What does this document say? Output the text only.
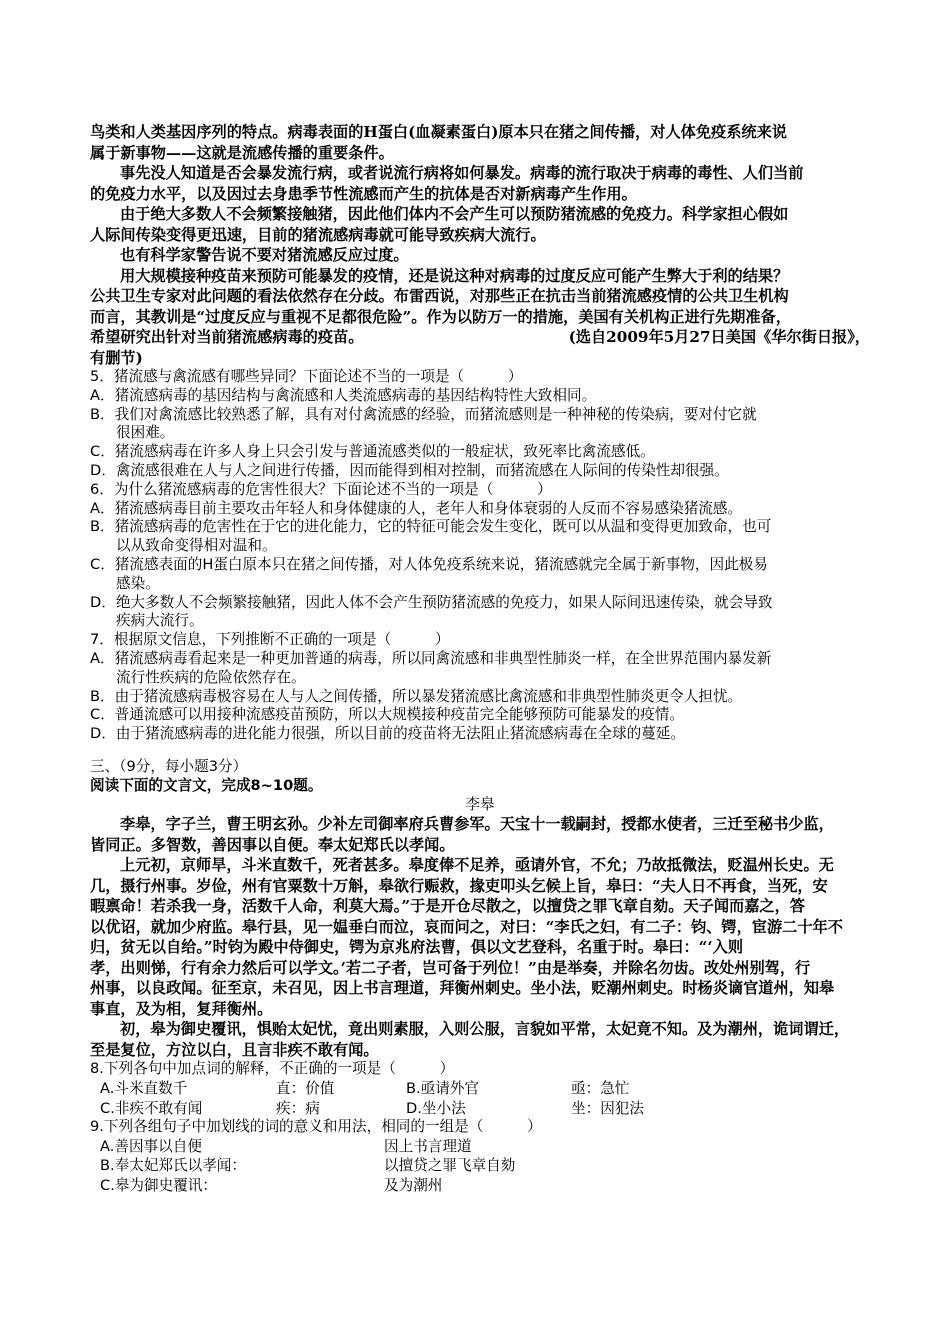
鸟类和人类基因序列的特点。病毒表面的H蛋白(血凝素蛋白)原本只在猪之间传播，对人体免疫系统来说
属于新事物——这就是流感传播的重要条件。
事先没人知道是否会暴发流行病，或者说流行病将如何暴发。病毒的流行取决于病毒的毒性、人们当前
的免疫力水平，以及因过去身患季节性流感而产生的抗体是否对新病毒产生作用。
由于绝大多数人不会频繁接触猪，因此他们体内不会产生可以预防猪流感的免疫力。科学家担心假如
人际间传染变得更迅速，目前的猪流感病毒就可能导致疾病大流行。
也有科学家警告说不要对猪流感反应过度。
用大规模接种疫苗来预防可能暴发的疫情，还是说这种对病毒的过度反应可能产生弊大于利的结果？
公共卫生专家对此问题的看法依然存在分歧。布雷西说，对那些正在抗击当前猪流感疫情的公共卫生机构
而言，其教训是“过度反应与重视不足都很危险”。作为以防万一的措施，美国有关机构正进行先期准备，
希望研究出针对当前猪流感病毒的疫苗。	(选自2009年5月27日美国《华尔街日报》，
有删节)
5．猪流感与禽流感有哪些异同？下面论述不当的一项是（　　　）
A．猪流感病毒的基因结构与禽流感和人类流感病毒的基因结构特性大致相同。
B．我们对禽流感比较熟悉了解，具有对付禽流感的经验，而猪流感则是一种神秘的传染病，要对付它就
很困难。
C．猪流感病毒在许多人身上只会引发与普通流感类似的一般症状，致死率比禽流感低。
D．禽流感很难在人与人之间进行传播，因而能得到相对控制，而猪流感在人际间的传染性却很强。
6．为什么猪流感病毒的危害性很大？下面论述不当的一项是（　　　）
A．猪流感病毒目前主要攻击年轻人和身体健康的人，老年人和身体衰弱的人反而不容易感染猪流感。
B．猪流感病毒的危害性在于它的进化能力，它的特征可能会发生变化，既可以从温和变得更加致命，也可
以从致命变得相对温和。
C．猪流感表面的H蛋白原本只在猪之间传播，对人体免疫系统来说，猪流感就完全属于新事物，因此极易
感染。
D．绝大多数人不会频繁接触猪，因此人体不会产生预防猪流感的免疫力，如果人际间迅速传染，就会导致
疾病大流行。
7．根据原文信息，下列推断不正确的一项是（　　　）
A．猪流感病毒看起来是一种更加普通的病毒，所以同禽流感和非典型性肺炎一样，在全世界范围内暴发新
流行性疾病的危险依然存在。
B．由于猪流感病毒极容易在人与人之间传播，所以暴发猪流感比禽流感和非典型性肺炎更令人担忧。
C．普通流感可以用接种流感疫苗预防，所以大规模接种疫苗完全能够预防可能暴发的疫情。
D．由于猪流感病毒的进化能力很强，所以目前的疫苗将无法阻止猪流感病毒在全球的蔓延。
三、（9分，每小题3分）
阅读下面的文言文，完成8~10题。
李皋
李皋，字子兰，曹王明玄孙。少补左司御率府兵曹参军。天宝十一载嗣封，授都水使者，三迁至秘书少监，
皆同正。多智数，善因事以自便。奉太妃郑氏以孝闻。
上元初，京师旱，斗米直数千，死者甚多。皋度俸不足养，亟请外官，不允；乃故抵微法，贬温州长史。无
几，摄行州事。岁俭，州有官粟数十万斛，皋欲行赈救，掾吏叩头乞候上旨，皋曰：“夫人日不再食，当死，安
暇禀命！若杀我一身，活数千人命，利莫大焉。”于是开仓尽散之，以擅贷之罪飞章自劾。天子闻而嘉之，答
以优诏，就加少府监。皋行县，见一媪垂白而泣，哀而问之，对曰：“李氏之妇，有二子：钧、锷，宦游二十年不
归，贫无以自给。”时钧为殿中侍御史，锷为京兆府法曹，俱以文艺登科，名重于时。皋曰：“‘入则
孝，出则悌，行有余力然后可以学文。’若二子者，岂可备于列位！”由是举奏，并除名勿齿。改处州别驾，行
州事，以良政闻。征至京，未召见，因上书言理道，拜衡州刺史。坐小法，贬潮州刺史。时杨炎谪官道州，知皋
事直，及为相，复拜衡州。
初，皋为御史覆讯，惧贻太妃忧，竟出则素服，入则公服，言貌如平常，太妃竟不知。及为潮州，诡词谓迁，
至是复位，方泣以白，且言非疾不敢有闻。
8.下列各句中加点词的解释，不正确的一项是（　　　）
A.斗米直数千	直：价值	B.亟请外官	亟：急忙
C.非疾不敢有闻	疾：病	D.坐小法	坐：因犯法
9.下列各组句子中加划线的词的意义和用法，相同的一组是（　　　）
A.善因事以自便	因上书言理道
B.奉太妃郑氏以孝闻：	以擅贷之罪飞章自劾
C.皋为御史覆讯：	及为潮州
